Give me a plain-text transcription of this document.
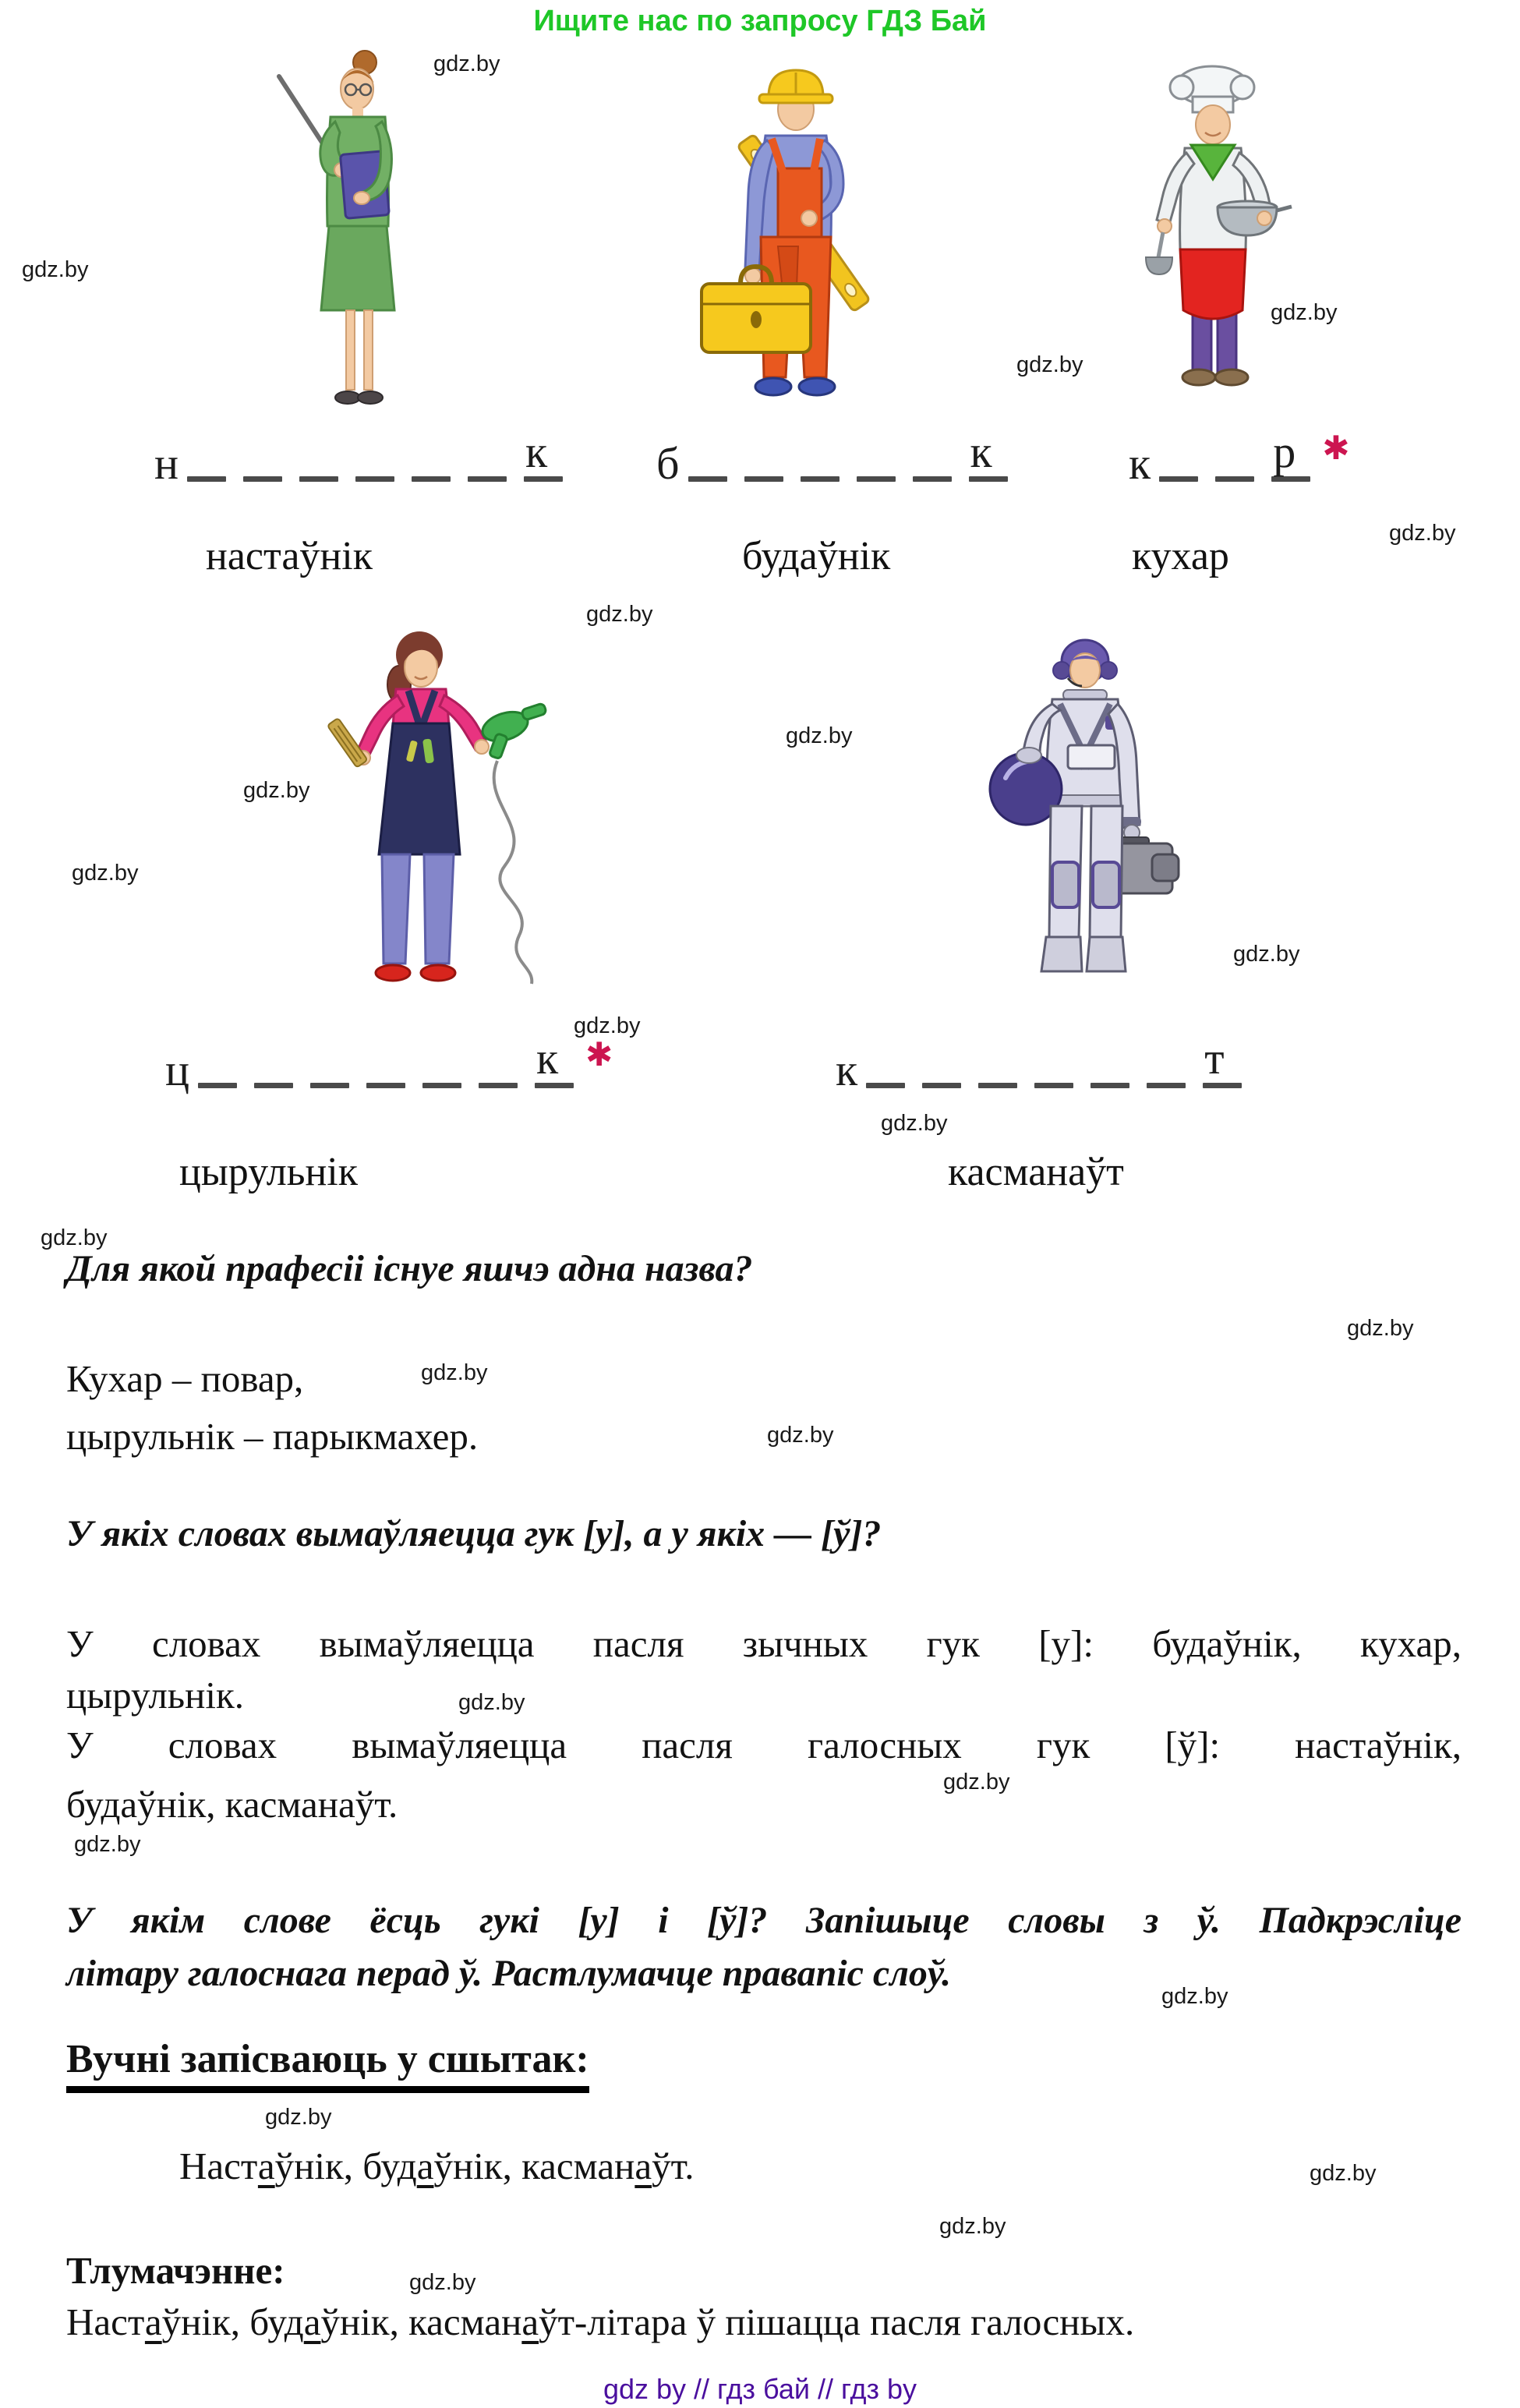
Ищите нас по запросу ГДЗ Бай
н	к б	к	к	р ✱
ц	к ✱	к	т
настаўнік	будаўнік	кухар
цырульнік	касманаўт
Для якой прафесіі існуе яшчэ адна назва?
Кухар – повар,
цырульнік – парыкмахер.
У якіх словах вымаўляецца гук [у], а у якіх — [ў]?
У словах вымаўляецца пасля зычных гук [у]: будаўнік, кухар,
цырульнік.
У словах вымаўляецца пасля галосных гук [ў]: настаўнік,
будаўнік, касманаўт.
У якім слове ёсць гукі [у] і [ў]? Запішыце словы з ў. Падкрэсліце
літару галоснага перад ў. Растлумачце правапіс слоў.
Вучні запісваюць у сшытак:
Настаўнік, будаўнік, касманаўт.
Тлумачэнне:
Настаўнік, будаўнік, касманаўт-літара ў пішацца пасля галосных.
gdz by // гдз бай // гдз by
gdz.by
gdz.by
gdz.by
gdz.by
gdz.by
gdz.by
gdz.by
gdz.by
gdz.by
gdz.by
gdz.by
gdz.by
gdz.by
gdz.by
gdz.by
gdz.by
gdz.by
gdz.by
gdz.by
gdz.by
gdz.by
gdz.by
gdz.by
gdz.by
